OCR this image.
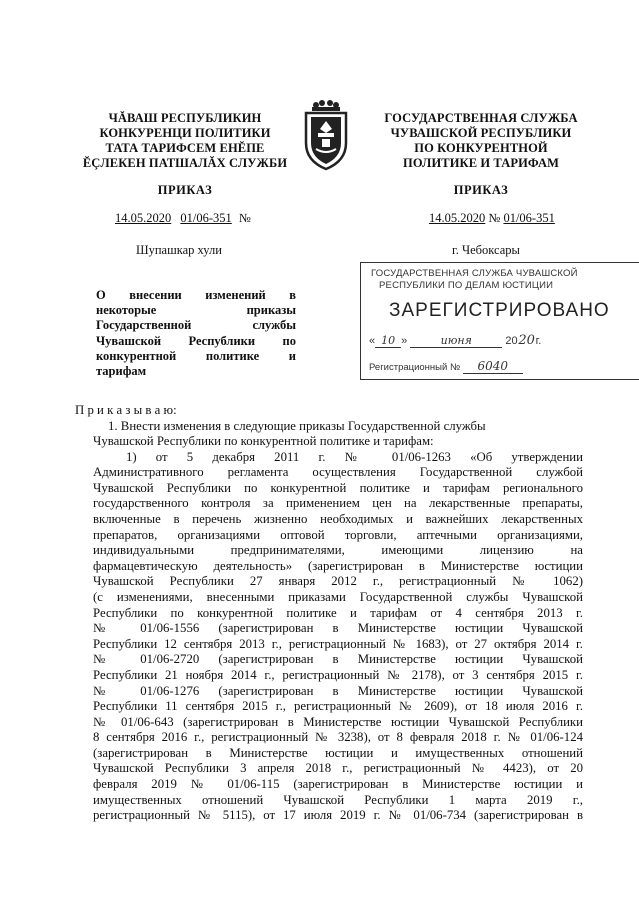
ЧĂВАШ РЕСПУБЛИКИН
КОНКУРЕНЦИ ПОЛИТИКИ
ТАТА ТАРИФСЕМ ЕНĔПЕ
ĔÇЛЕКЕН ПАТШАЛĂХ СЛУЖБИ
ГОСУДАРСТВЕННАЯ СЛУЖБА
ЧУВАШСКОЙ РЕСПУБЛИКИ
ПО КОНКУРЕНТНОЙ
ПОЛИТИКЕ И ТАРИФАМ
ПРИКАЗ	ПРИКАЗ
14.05.2020 01/06-351 №	14.05.2020 № 01/06-351
Шупашкар хули	г. Чебоксары
ГОСУДАРСТВЕННАЯ СЛУЖБА ЧУВАШСКОЙ
РЕСПУБЛИКИ ПО ДЕЛАМ ЮСТИЦИИ
ЗАРЕГИСТРИРОВАНО
« 10 »	июня	2020г.
Регистрационный № 6040
О внесении изменений в
некоторые приказы
Государственной службы
Чувашской Республики по
конкурентной политике и
тарифам
П р и к а з ы в а ю:
1. Внести изменения в следующие приказы Государственной службы
Чувашской Республики по конкурентной политике и тарифам:
1) от 5 декабря 2011 г. № 01/06-1263 «Об утверждении
Административного регламента осуществления Государственной службой
Чувашской Республики по конкурентной политике и тарифам регионального
государственного контроля за применением цен на лекарственные препараты,
включенные в перечень жизненно необходимых и важнейших лекарственных
препаратов, организациями оптовой торговли, аптечными организациями,
индивидуальными предпринимателями, имеющими лицензию на
фармацевтическую деятельность» (зарегистрирован в Министерстве юстиции
Чувашской Республики 27 января 2012 г., регистрационный № 1062)
(с изменениями, внесенными приказами Государственной службы Чувашской
Республики по конкурентной политике и тарифам от 4 сентября 2013 г.
№ 01/06-1556 (зарегистрирован в Министерстве юстиции Чувашской
Республики 12 сентября 2013 г., регистрационный № 1683), от 27 октября 2014 г.
№ 01/06-2720 (зарегистрирован в Министерстве юстиции Чувашской
Республики 21 ноября 2014 г., регистрационный № 2178), от 3 сентября 2015 г.
№ 01/06-1276 (зарегистрирован в Министерстве юстиции Чувашской
Республики 11 сентября 2015 г., регистрационный № 2609), от 18 июля 2016 г.
№ 01/06-643 (зарегистрирован в Министерстве юстиции Чувашской Республики
8 сентября 2016 г., регистрационный № 3238), от 8 февраля 2018 г. № 01/06-124
(зарегистрирован в Министерстве юстиции и имущественных отношений
Чувашской Республики 3 апреля 2018 г., регистрационный № 4423), от 20
февраля 2019 № 01/06-115 (зарегистрирован в Министерстве юстиции и
имущественных отношений Чувашской Республики 1 марта 2019 г.,
регистрационный № 5115), от 17 июля 2019 г. № 01/06-734 (зарегистрирован в
